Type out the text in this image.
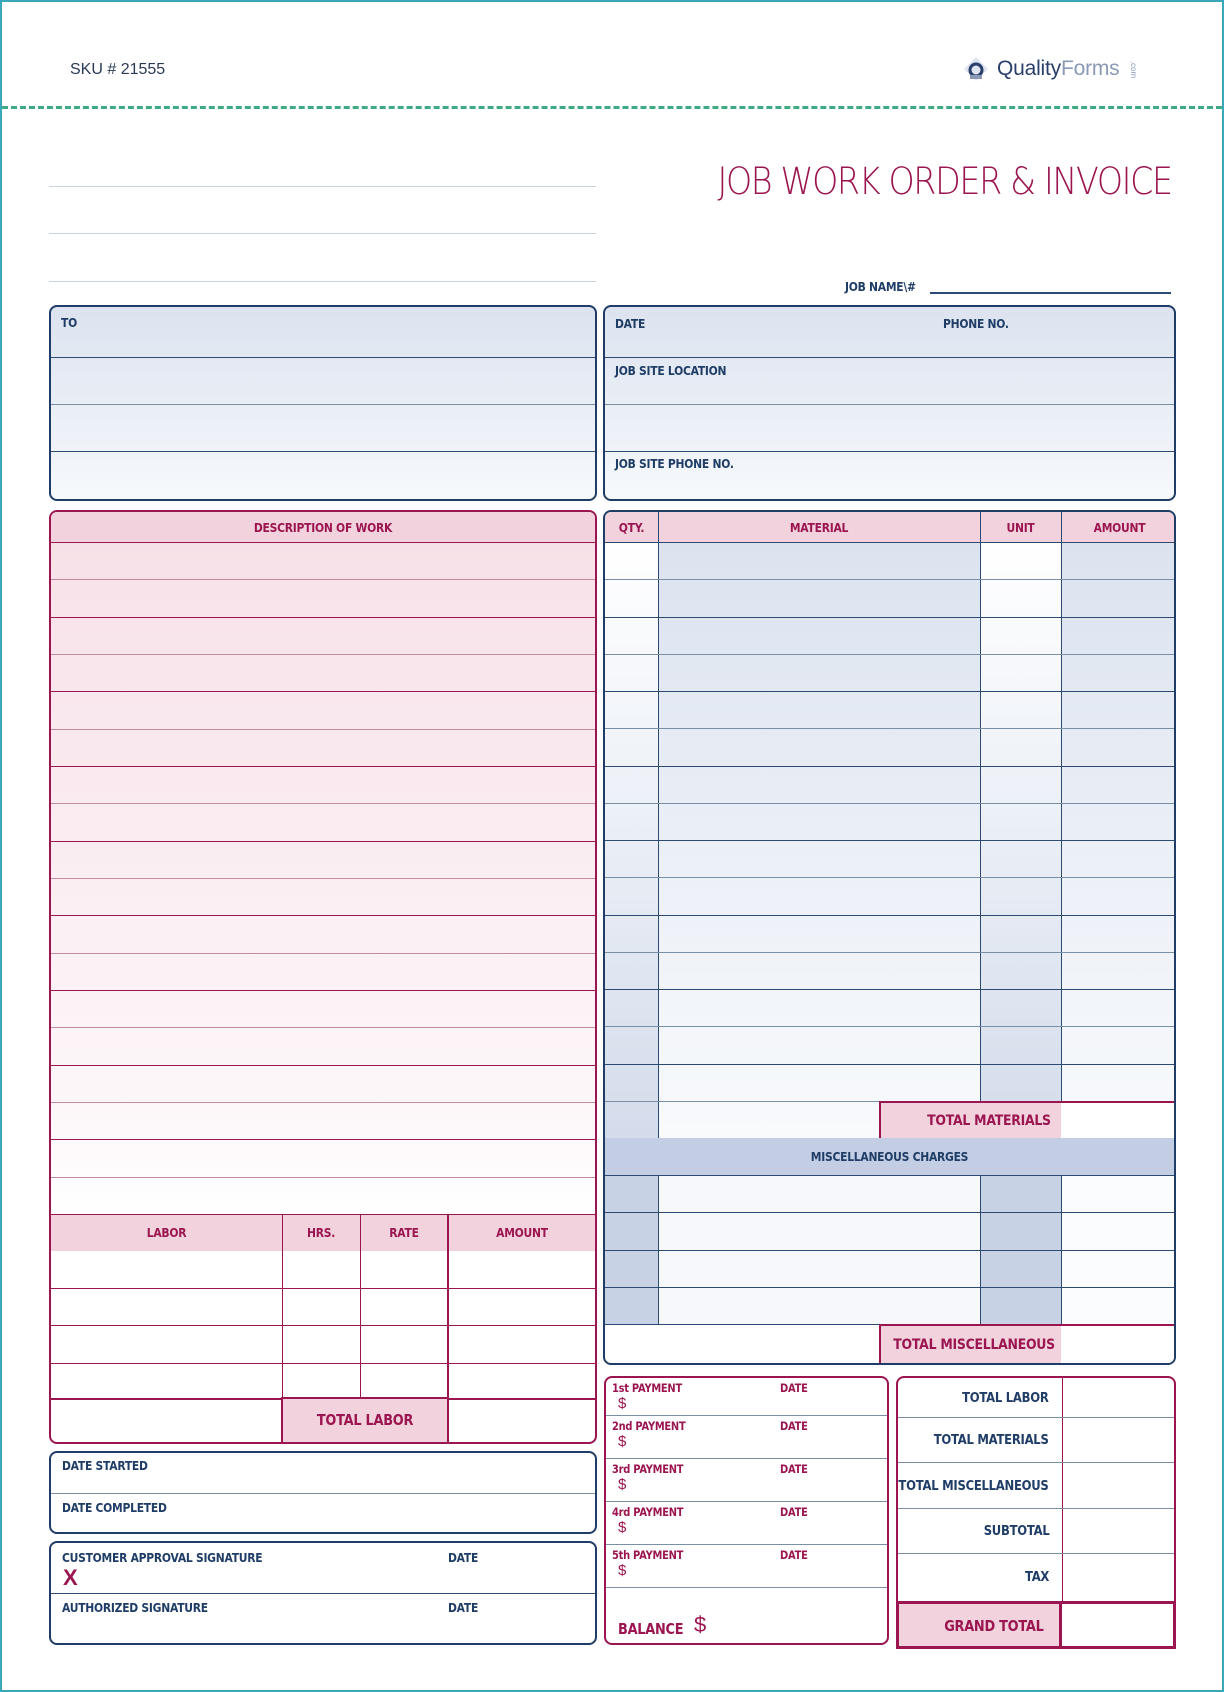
SKU # 21555	QualityForms .com
JOB WORK ORDER & INVOICE
JOB NAME\#
TO	DATE	PHONE NO.
JOB SITE LOCATION
JOB SITE PHONE NO.
DESCRIPTION OF WORK
LABOR	HRS.	RATE	AMOUNT
TOTAL LABOR
QTY.	MATERIAL	UNIT	AMOUNT
TOTAL MATERIALS
MISCELLANEOUS CHARGES
TOTAL MISCELLANEOUS
DATE STARTED
DATE COMPLETED
CUSTOMER APPROVAL SIGNATURE	DATE
X
AUTHORIZED SIGNATURE	DATE
1st PAYMENT	DATE
$
2nd PAYMENT	DATE
$
3rd PAYMENT	DATE
$
4rd PAYMENT	DATE
$
5th PAYMENT	DATE
$
BALANCE $
TOTAL LABOR
TOTAL MATERIALS
TOTAL MISCELLANEOUS
SUBTOTAL
TAX
GRAND TOTAL
